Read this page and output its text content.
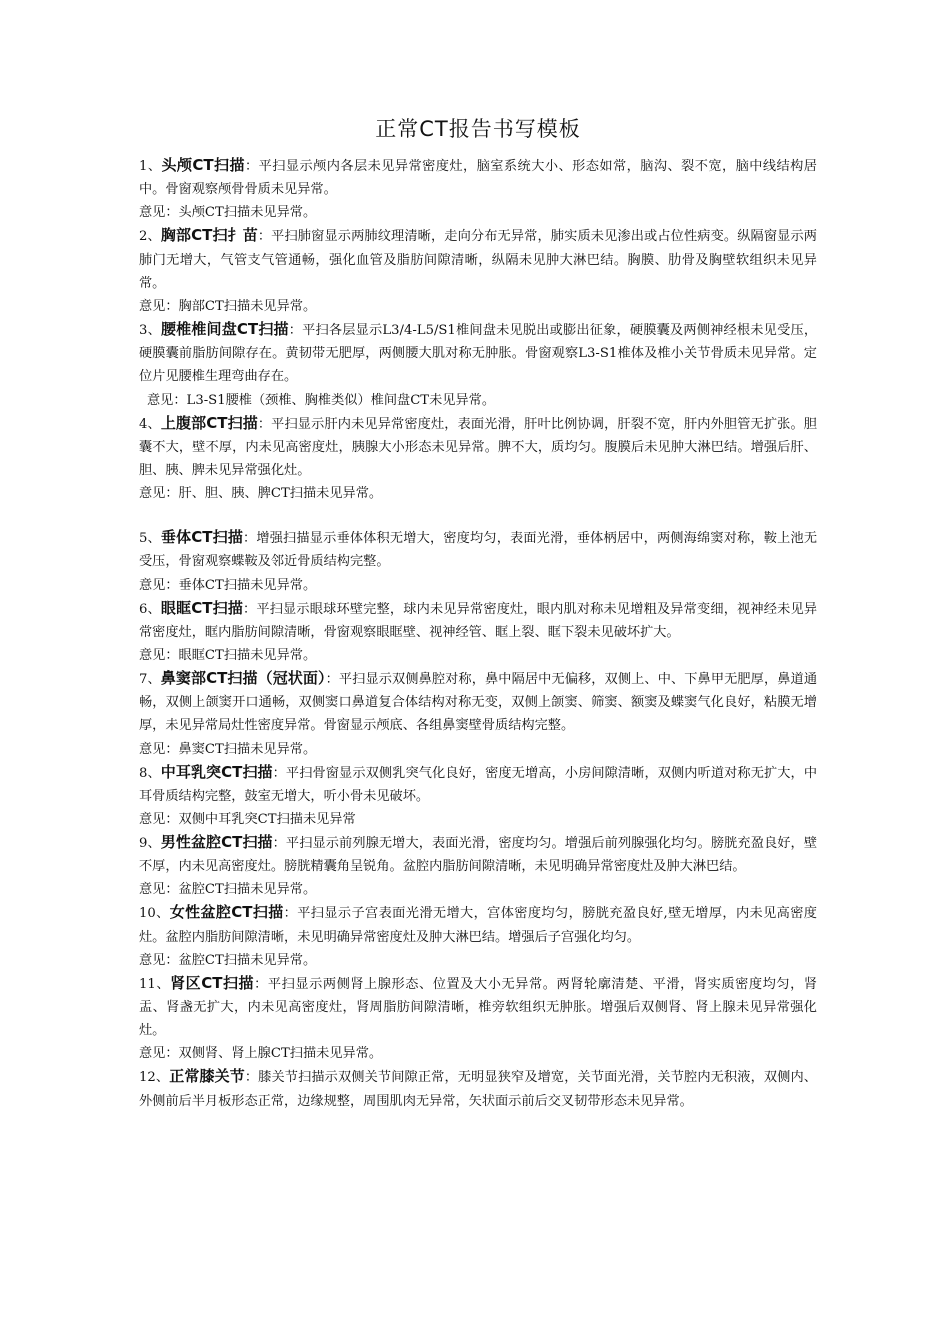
正常CT报告书写模板

1、头颅CT扫描：平扫显示颅内各层未见异常密度灶，脑室系统大小、形态如常，脑沟、裂不宽，脑中线结构居中。骨窗观察颅骨骨质未见异常。

意见：头颅CT扫描未见异常。

2、胸部CT扫扌苗：平扫肺窗显示两肺纹理清晰，走向分布无异常，肺实质未见渗出或占位性病变。纵隔窗显示两肺门无增大，气管支气管通畅，强化血管及脂肪间隙清晰，纵隔未见肿大淋巴结。胸膜、肋骨及胸壁软组织未见异常。

意见：胸部CT扫描未见异常。

3、腰椎椎间盘CT扫描：平扫各层显示L3/4-L5/S1椎间盘未见脱出或膨出征象，硬膜囊及两侧神经根未见受压，硬膜囊前脂肪间隙存在。黄韧带无肥厚，两侧腰大肌对称无肿胀。骨窗观察L3-S1椎体及椎小关节骨质未见异常。定位片见腰椎生理弯曲存在。

意见：L3-S1腰椎（颈椎、胸椎类似）椎间盘CT未见异常。

4、上腹部CT扫描：平扫显示肝内未见异常密度灶，表面光滑，肝叶比例协调，肝裂不宽，肝内外胆管无扩张。胆囊不大，壁不厚，内未见高密度灶，胰腺大小形态未见异常。脾不大，质均匀。腹膜后未见肿大淋巴结。增强后肝、胆、胰、脾未见异常强化灶。

意见：肝、胆、胰、脾CT扫描未见异常。

5、垂体CT扫描：增强扫描显示垂体体积无增大，密度均匀，表面光滑，垂体柄居中，两侧海绵窦对称，鞍上池无受压，骨窗观察蝶鞍及邻近骨质结构完整。

意见：垂体CT扫描未见异常。

6、眼眶CT扫描：平扫显示眼球环壁完整，球内未见异常密度灶，眼内肌对称未见增粗及异常变细，视神经未见异常密度灶，眶内脂肪间隙清晰，骨窗观察眼眶壁、视神经管、眶上裂、眶下裂未见破坏扩大。

意见：眼眶CT扫描未见异常。

7、鼻窦部CT扫描（冠状面）：平扫显示双侧鼻腔对称，鼻中隔居中无偏移，双侧上、中、下鼻甲无肥厚，鼻道通畅，双侧上颌窦开口通畅，双侧窦口鼻道复合体结构对称无变，双侧上颌窦、筛窦、额窦及蝶窦气化良好，粘膜无增厚，未见异常局灶性密度异常。骨窗显示颅底、各组鼻窦壁骨质结构完整。

意见：鼻窦CT扫描未见异常。

8、中耳乳突CT扫描：平扫骨窗显示双侧乳突气化良好，密度无增高，小房间隙清晰，双侧内听道对称无扩大，中耳骨质结构完整，鼓室无增大，听小骨未见破坏。

意见：双侧中耳乳突CT扫描未见异常

9、男性盆腔CT扫描：平扫显示前列腺无增大，表面光滑，密度均匀。增强后前列腺强化均匀。膀胱充盈良好，壁不厚，内未见高密度灶。膀胱精囊角呈锐角。盆腔内脂肪间隙清晰，未见明确异常密度灶及肿大淋巴结。

意见：盆腔CT扫描未见异常。

10、女性盆腔CT扫描：平扫显示子宫表面光滑无增大，宫体密度均匀，膀胱充盈良好,壁无增厚，内未见高密度灶。盆腔内脂肪间隙清晰，未见明确异常密度灶及肿大淋巴结。增强后子宫强化均匀。

意见：盆腔CT扫描未见异常。

11、肾区CT扫描：平扫显示两侧肾上腺形态、位置及大小无异常。两肾轮廓清楚、平滑，肾实质密度均匀，肾盂、肾盏无扩大，内未见高密度灶，肾周脂肪间隙清晰，椎旁软组织无肿胀。增强后双侧肾、肾上腺未见异常强化灶。

意见：双侧肾、肾上腺CT扫描未见异常。

12、正常膝关节：膝关节扫描示双侧关节间隙正常，无明显狭窄及增宽，关节面光滑，关节腔内无积液，双侧内、外侧前后半月板形态正常，边缘规整，周围肌肉无异常，矢状面示前后交叉韧带形态未见异常。
